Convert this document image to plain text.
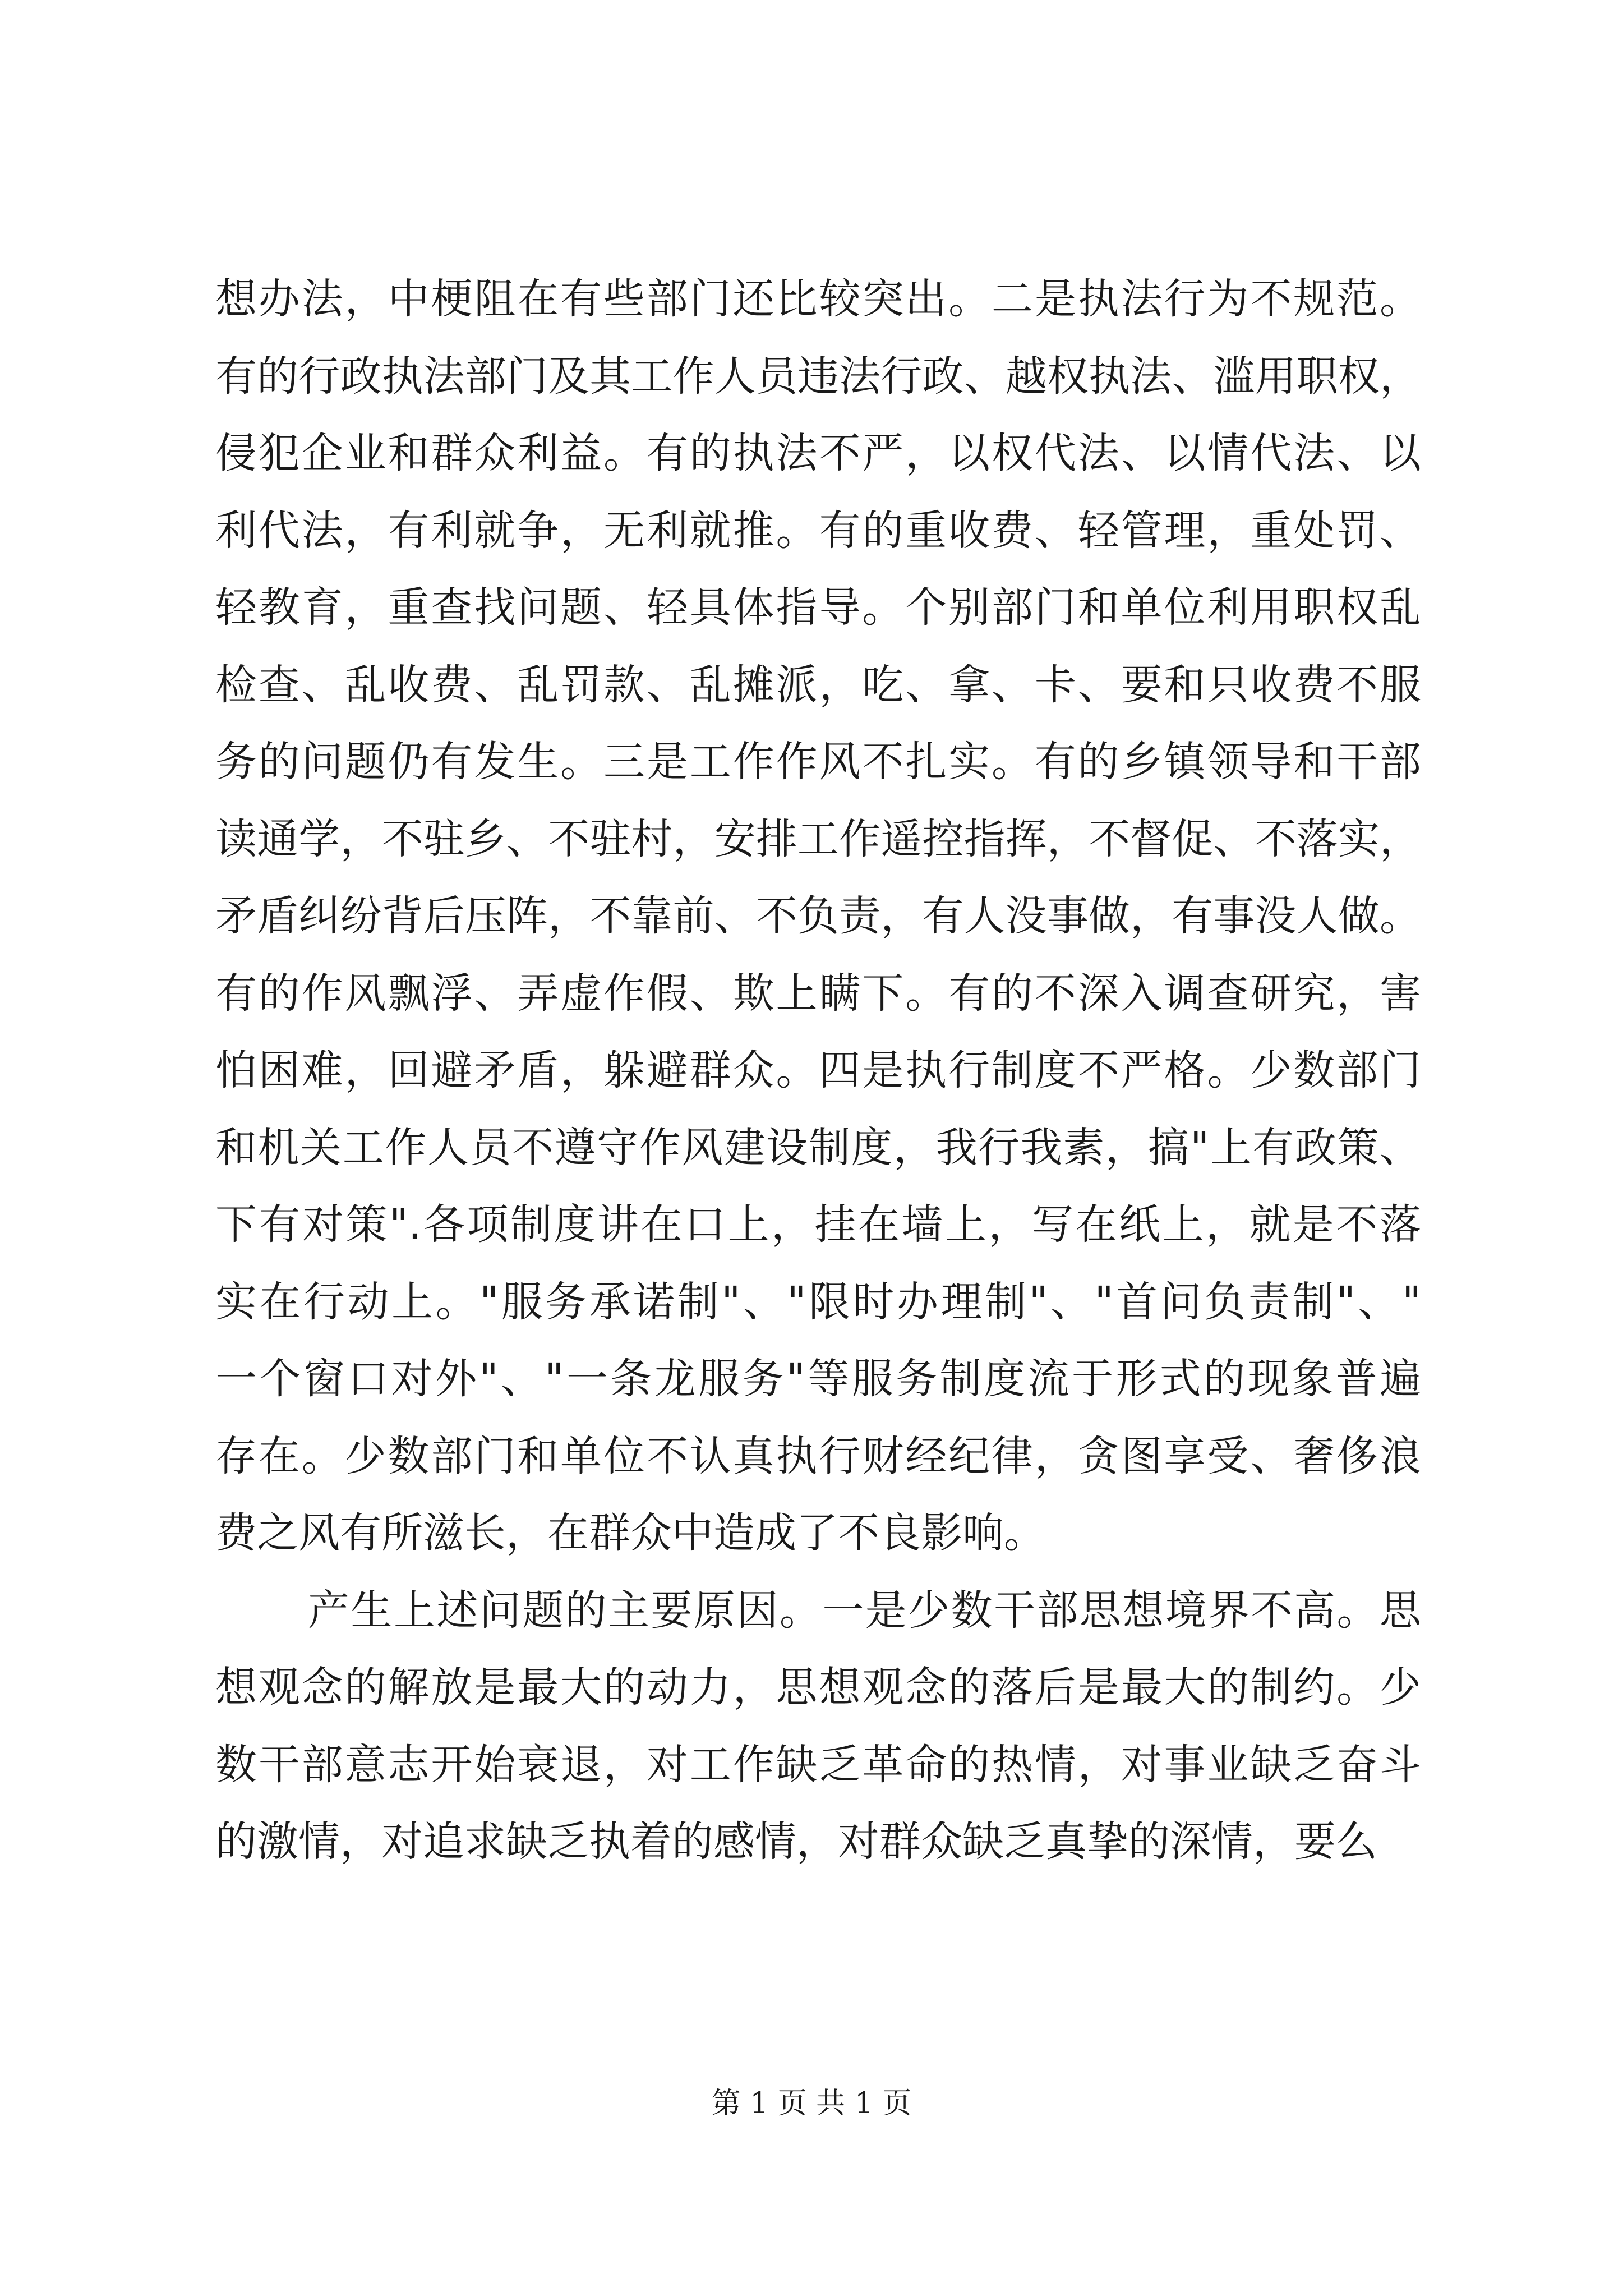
想办法，中梗阻在有些部门还比较突出。二是执法行为不规范。
有的行政执法部门及其工作人员违法行政、越权执法、滥用职权，
侵犯企业和群众利益。有的执法不严，以权代法、以情代法、以
利代法，有利就争，无利就推。有的重收费、轻管理，重处罚、
轻教育，重查找问题、轻具体指导。个别部门和单位利用职权乱
检查、乱收费、乱罚款、乱摊派，吃、拿、卡、要和只收费不服
务的问题仍有发生。三是工作作风不扎实。有的乡镇领导和干部
读通学，不驻乡、不驻村，安排工作遥控指挥，不督促、不落实，
矛盾纠纷背后压阵，不靠前、不负责，有人没事做，有事没人做。
有的作风飘浮、弄虚作假、欺上瞒下。有的不深入调查研究，害
怕困难，回避矛盾，躲避群众。四是执行制度不严格。少数部门
和机关工作人员不遵守作风建设制度，我行我素，搞"上有政策、
下有对策".各项制度讲在口上，挂在墙上，写在纸上，就是不落
实在行动上。"服务承诺制"、"限时办理制"、"首问负责制"、"
一个窗口对外"、"一条龙服务"等服务制度流于形式的现象普遍
存在。少数部门和单位不认真执行财经纪律，贪图享受、奢侈浪
费之风有所滋长，在群众中造成了不良影响。
产生上述问题的主要原因。一是少数干部思想境界不高。思
想观念的解放是最大的动力，思想观念的落后是最大的制约。少
数干部意志开始衰退，对工作缺乏革命的热情，对事业缺乏奋斗
的激情，对追求缺乏执着的感情，对群众缺乏真挚的深情，要么
第 1 页 共 1 页
